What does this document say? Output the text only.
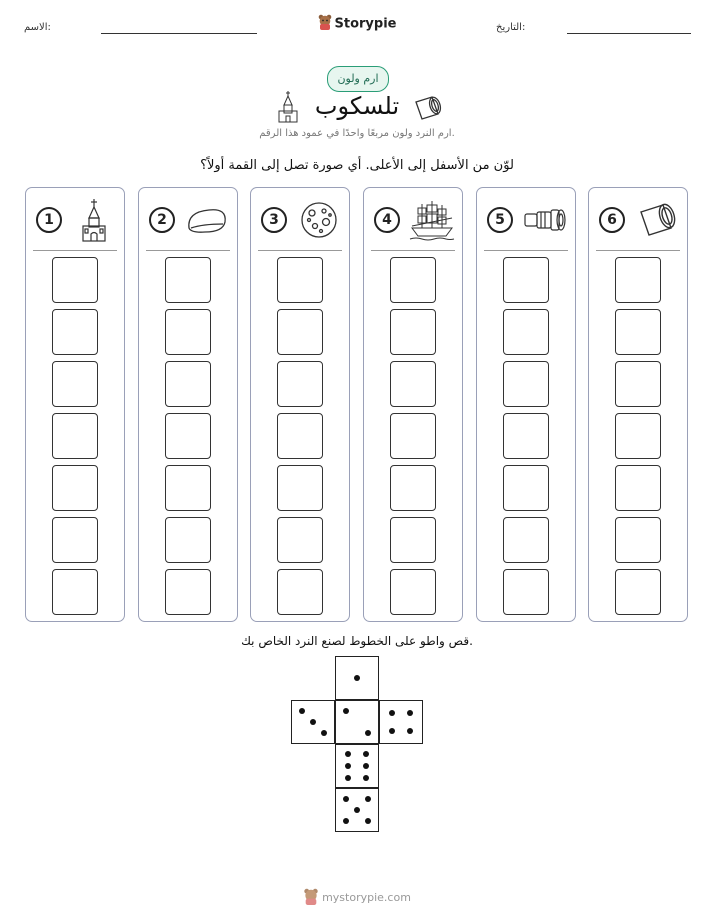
الاسم:	Storypie	التاريخ:
ارم ولون
تلسكوب
ارم النرد ولون مربعًا واحدًا في عمود هذا الرقم.
لوّن من الأسفل إلى الأعلى. أي صورة تصل إلى القمة أولاً؟
1	2	3	4	5	6
قص واطو على الخطوط لصنع النرد الخاص بك.
mystorypie.com
